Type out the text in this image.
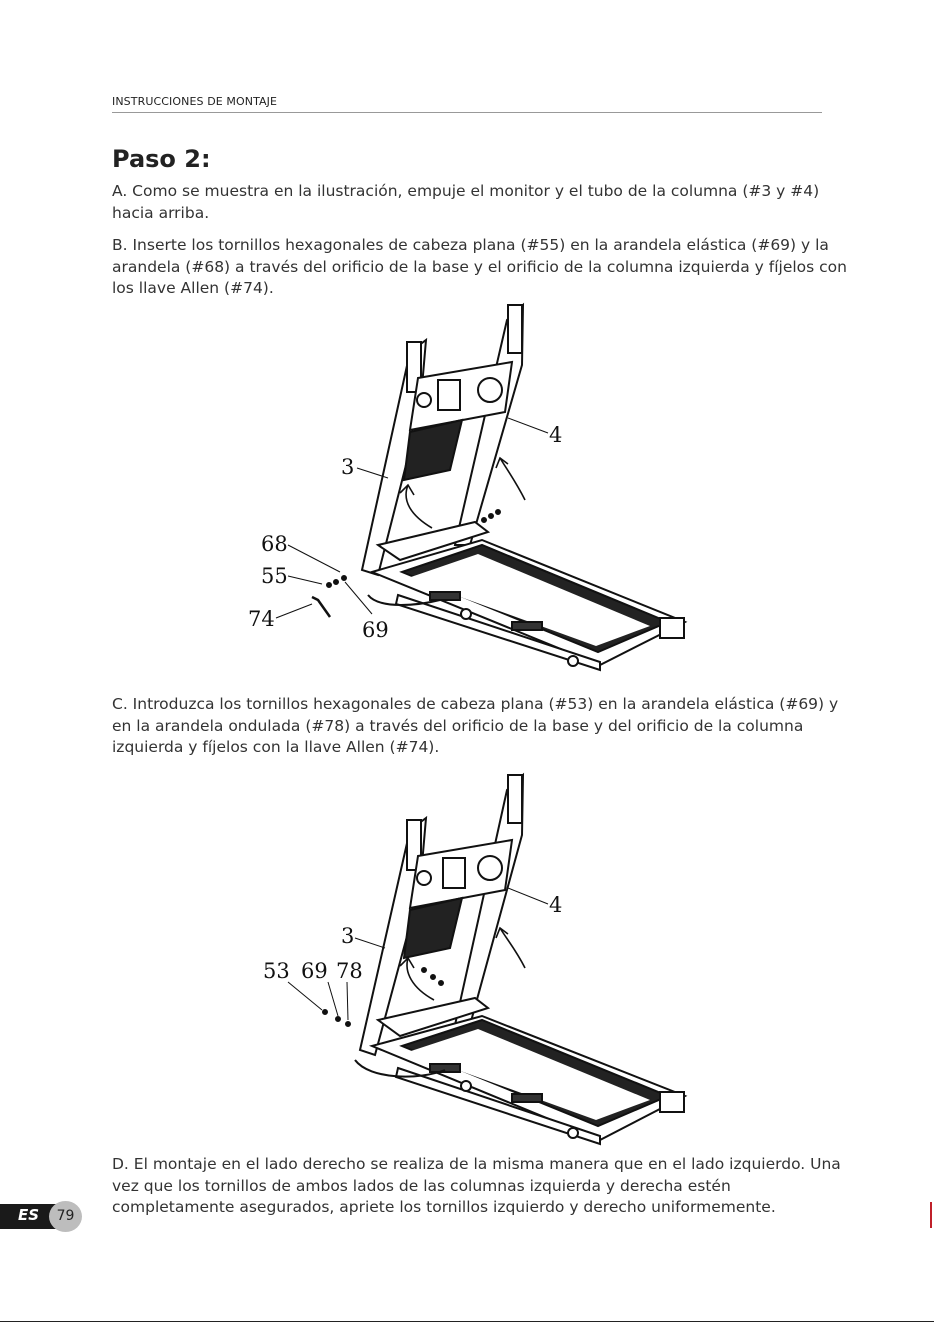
INSTRUCCIONES DE MONTAJE
Paso 2:

A. Como se muestra en la ilustración, empuje el monitor y el tubo de la columna (#3 y #4) hacia arriba.

B. Inserte los tornillos hexagonales de cabeza plana (#55) en la arandela elástica (#69) y la arandela (#68) a través del orificio de la base y el orificio de la columna izquierda y fíjelos con los llave Allen (#74).

68
55
74	69
3
4

C. Introduzca los tornillos hexagonales de cabeza plana (#53) en la arandela elástica (#69) y en la arandela ondulada (#78) a través del orificio de la base y del orificio de la columna izquierda y fíjelos con la llave Allen (#74).

53 69 78
3
4

D. El montaje en el lado derecho se realiza de la misma manera que en el lado izquierdo. Una vez que los tornillos de ambos lados de las columnas izquierda y derecha estén completamente asegurados, apriete los tornillos izquierdo y derecho uniformemente.

ES	79
